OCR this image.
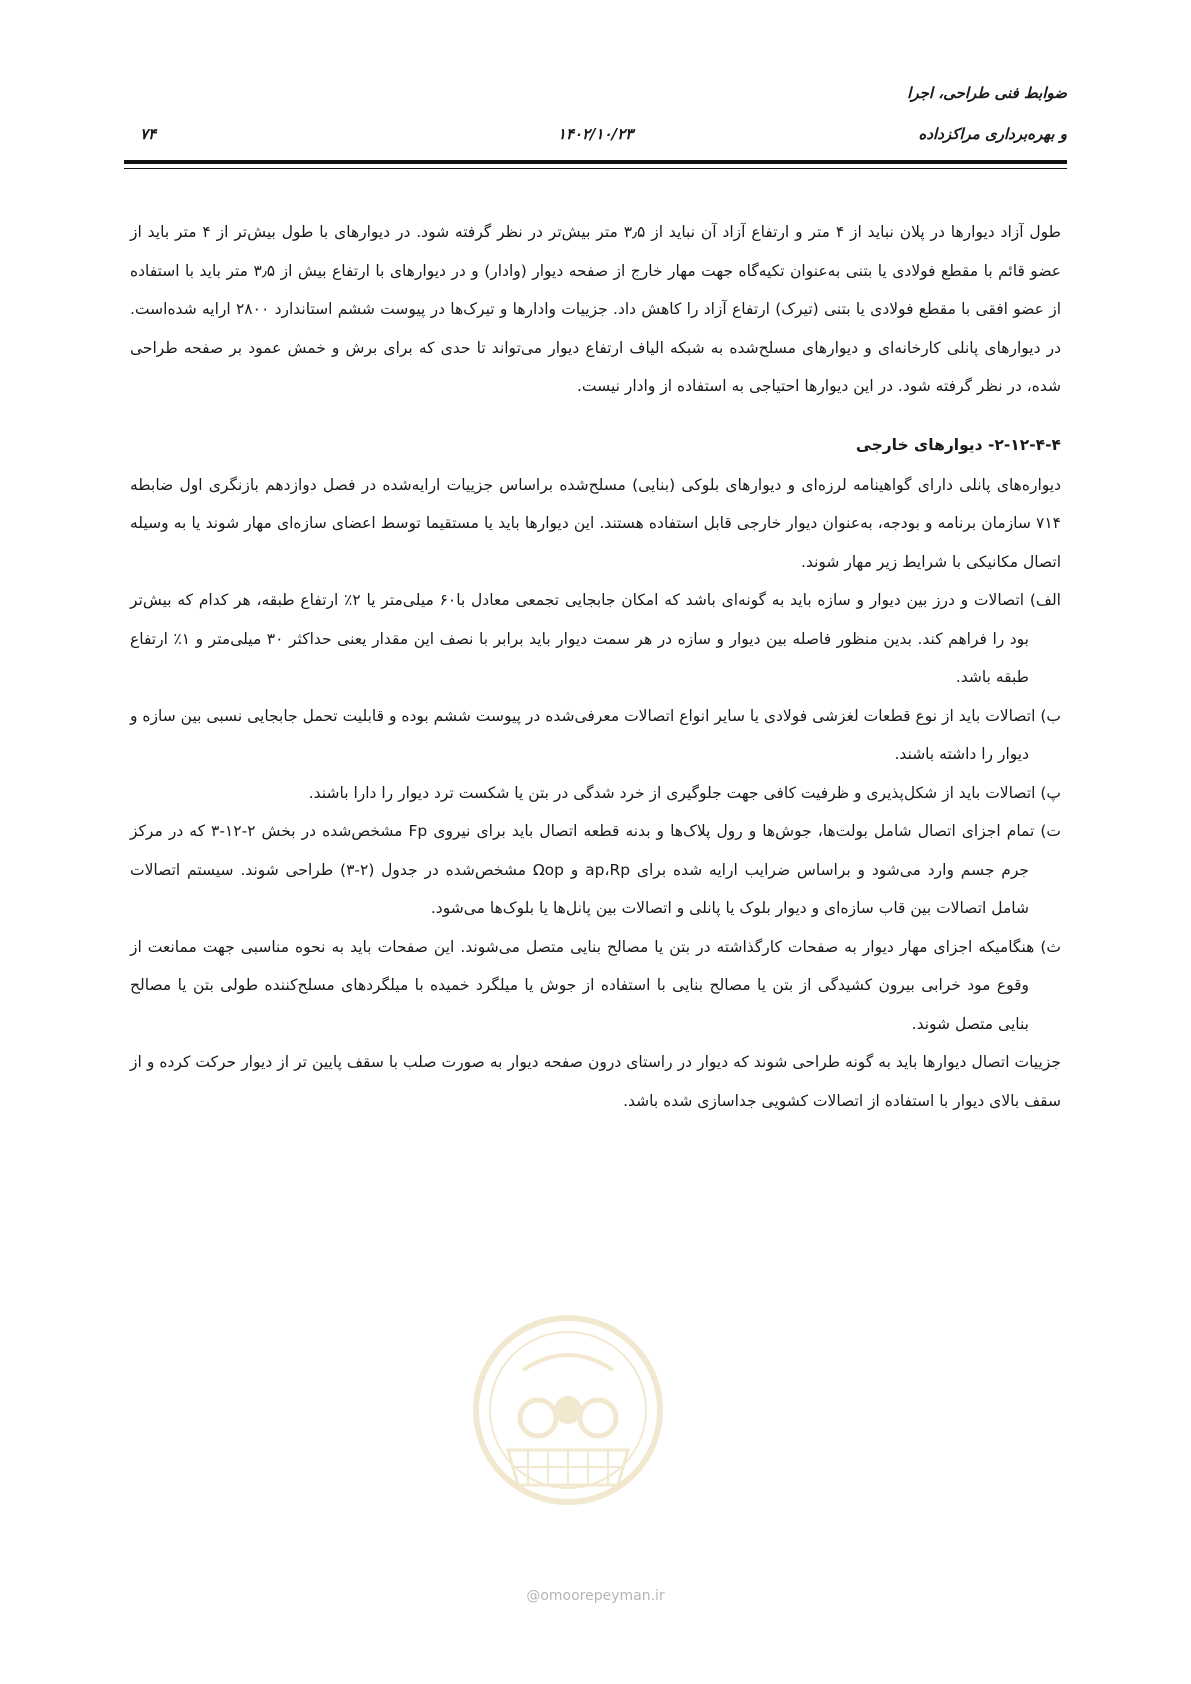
ضوابط فنی طراحی، اجرا
و بهره‌برداری مراکزداده
۱۴۰۲/۱۰/۲۳
۷۴

طول آزاد دیوارها در پلان نباید از ۴ متر و ارتفاع آزاد آن نباید از ۳٫۵ متر بیش‌تر در نظر گرفته شود. در دیوارهای با طول بیش‌تر از ۴ متر باید از عضو قائم با مقطع فولادی یا بتنی به‌عنوان تکیه‌گاه جهت مهار خارج از صفحه دیوار (وادار) و در دیوارهای با ارتفاع بیش از ۳٫۵ متر باید با استفاده از عضو افقی با مقطع فولادی یا بتنی (تیرک) ارتفاع آزاد را کاهش داد. جزییات وادارها و تیرک‌ها در پیوست ششم استاندارد ۲۸۰۰ ارایه شده‌است. در دیوارهای پانلی کارخانه‌ای و دیوارهای مسلح‌شده به شبکه الیاف ارتفاع دیوار می‌تواند تا حدی که برای برش و خمش عمود بر صفحه طراحی شده، در نظر گرفته شود. در این دیوارها احتیاجی به استفاده از وادار نیست.

۲-۱۲-۴-۴- دیوارهای خارجی

دیواره‌های پانلی دارای گواهینامه لرزه‌ای و دیوارهای بلوکی (بنایی) مسلح‌شده براساس جزییات ارایه‌شده در فصل دوازدهم بازنگری اول ضابطه ۷۱۴ سازمان برنامه و بودجه، به‌عنوان دیوار خارجی قابل استفاده هستند. این دیوارها باید یا مستقیما توسط اعضای سازه‌ای مهار شوند یا به وسیله اتصال مکانیکی با شرایط زیر مهار شوند.

الف) اتصالات و درز بین دیوار و سازه باید به گونه‌ای باشد که امکان جابجایی تجمعی معادل با۶۰ میلی‌متر یا ۲٪ ارتفاع طبقه، هر کدام که بیش‌تر بود را فراهم کند. بدین منظور فاصله بین دیوار و سازه در هر سمت دیوار باید برابر با نصف این مقدار یعنی حداکثر ۳۰ میلی‌متر و ۱٪ ارتفاع طبقه باشد.

ب) اتصالات باید از نوع قطعات لغزشی فولادی یا سایر انواع اتصالات معرفی‌شده در پیوست ششم بوده و قابلیت تحمل جابجایی نسبی بین سازه و دیوار را داشته باشند.

پ) اتصالات باید از شکل‌پذیری و ظرفیت کافی جهت جلوگیری از خرد شدگی در بتن یا شکست ترد دیوار را دارا باشند.

ت) تمام اجزای اتصال شامل بولت‌ها، جوش‌ها و رول پلاک‌ها و بدنه قطعه اتصال باید برای نیروی Fp مشخص‌شده در بخش ۲-۱۲-۳ که در مرکز جرم جسم وارد می‌شود و براساس ضرایب ارایه شده برای ap،Rp و Ωop مشخص‌شده در جدول (۲-۳) طراحی شوند. سیستم اتصالات شامل اتصالات بین قاب سازه‌ای و دیوار بلوک یا پانلی و اتصالات بین پانل‌ها یا بلوک‌ها می‌شود.

ث) هنگامیکه اجزای مهار دیوار به صفحات کارگذاشته در بتن یا مصالح بنایی متصل می‌شوند. این صفحات باید به نحوه مناسبی جهت ممانعت از وقوع مود خرابی بیرون کشیدگی از بتن یا مصالح بنایی با استفاده از جوش یا میلگرد خمیده با میلگردهای مسلح‌کننده طولی بتن یا مصالح بنایی متصل شوند.

جزییات اتصال دیوارها باید به گونه طراحی شوند که دیوار در راستای درون صفحه دیوار به صورت صلب با سقف پایین تر از دیوار حرکت کرده و از سقف بالای دیوار با استفاده از اتصالات کشویی جداسازی شده باشد.

@omoorepeyman.ir
